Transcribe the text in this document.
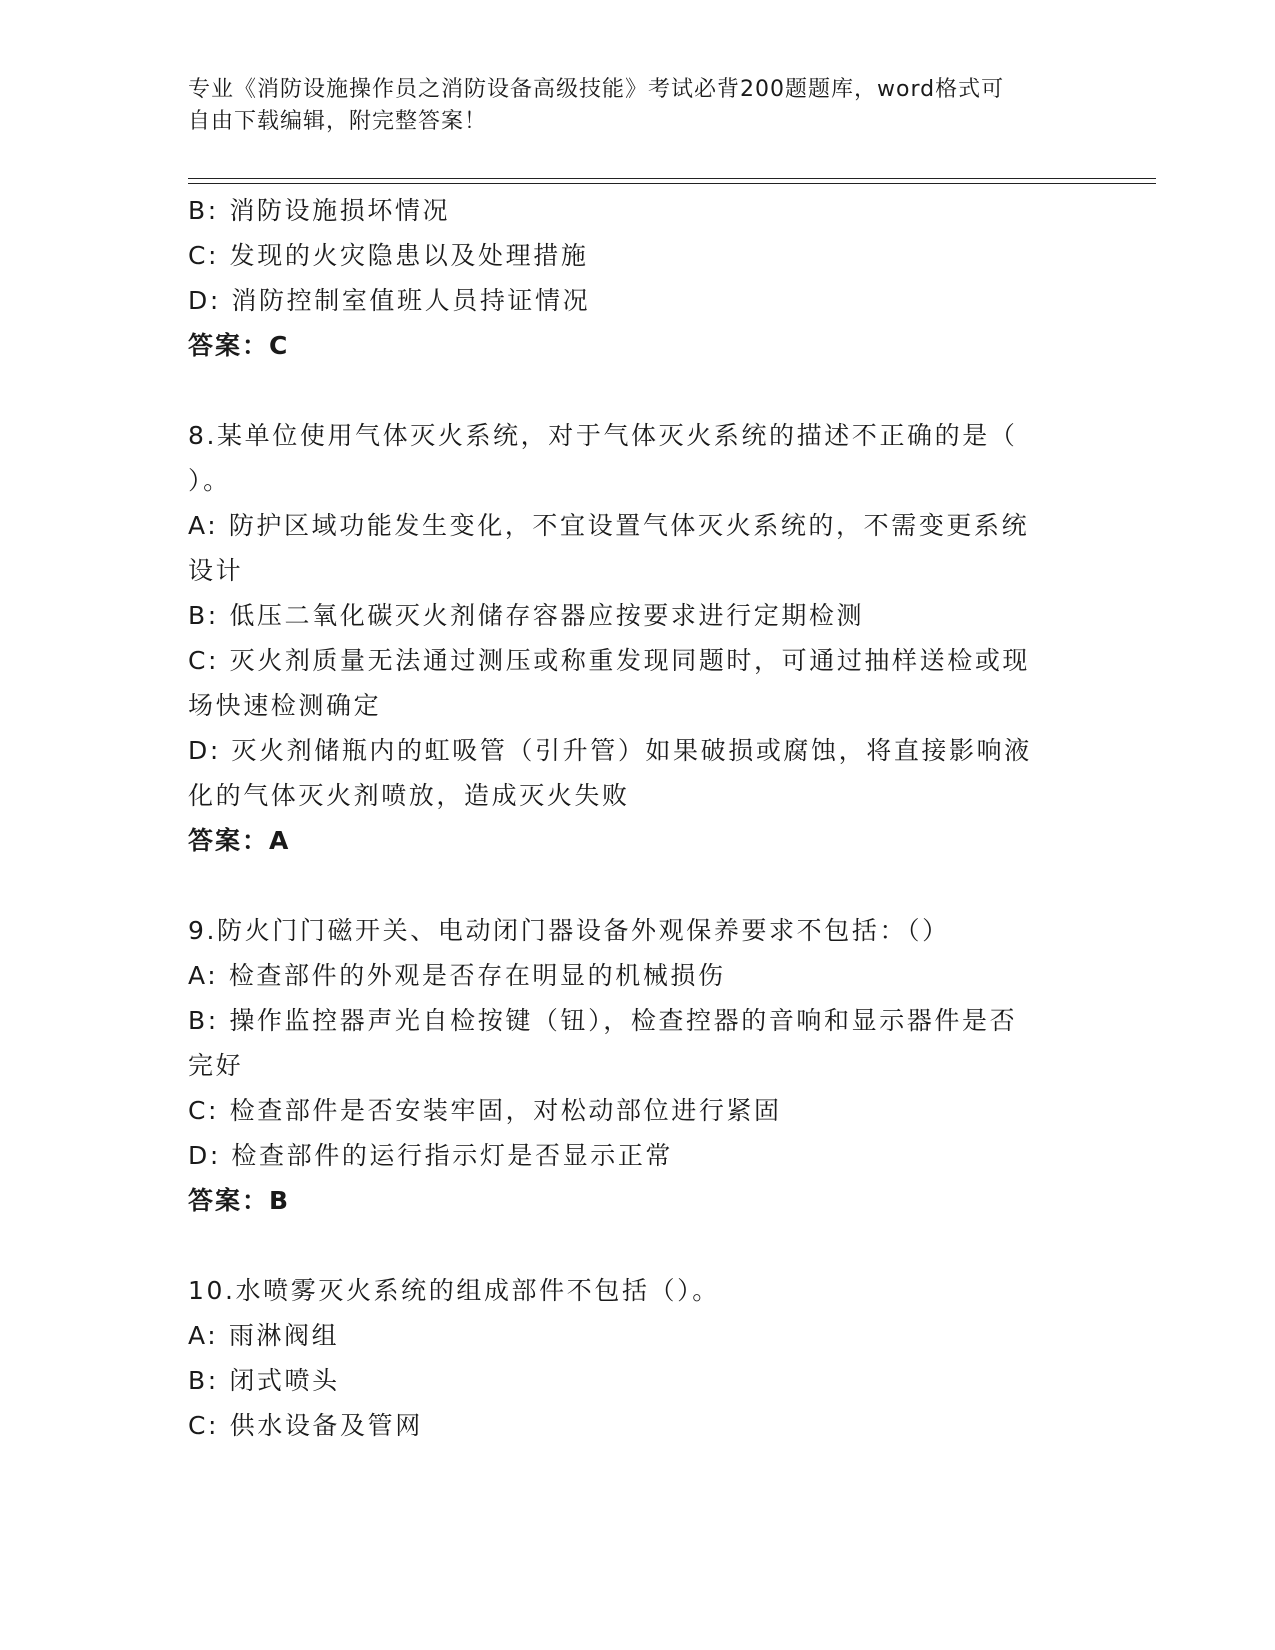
专业《消防设施操作员之消防设备高级技能》考试必背200题题库，word格式可
自由下载编辑，附完整答案！
B: 消防设施损坏情况
C: 发现的火灾隐患以及处理措施
D: 消防控制室值班人员持证情况
答案：C
8.某单位使用气体灭火系统，对于气体灭火系统的描述不正确的是（
）。
A: 防护区域功能发生变化，不宜设置气体灭火系统的，不需变更系统
设计
B: 低压二氧化碳灭火剂储存容器应按要求进行定期检测
C: 灭火剂质量无法通过测压或称重发现同题时，可通过抽样送检或现
场快速检测确定
D: 灭火剂储瓶内的虹吸管（引升管）如果破损或腐蚀，将直接影响液
化的气体灭火剂喷放，造成灭火失败
答案：A
9.防火门门磁开关、电动闭门器设备外观保养要求不包括：（）
A: 检查部件的外观是否存在明显的机械损伤
B: 操作监控器声光自检按键（钮），检查控器的音响和显示器件是否
完好
C: 检查部件是否安装牢固，对松动部位进行紧固
D: 检查部件的运行指示灯是否显示正常
答案：B
10.水喷雾灭火系统的组成部件不包括（）。
A: 雨淋阀组
B: 闭式喷头
C: 供水设备及管网
